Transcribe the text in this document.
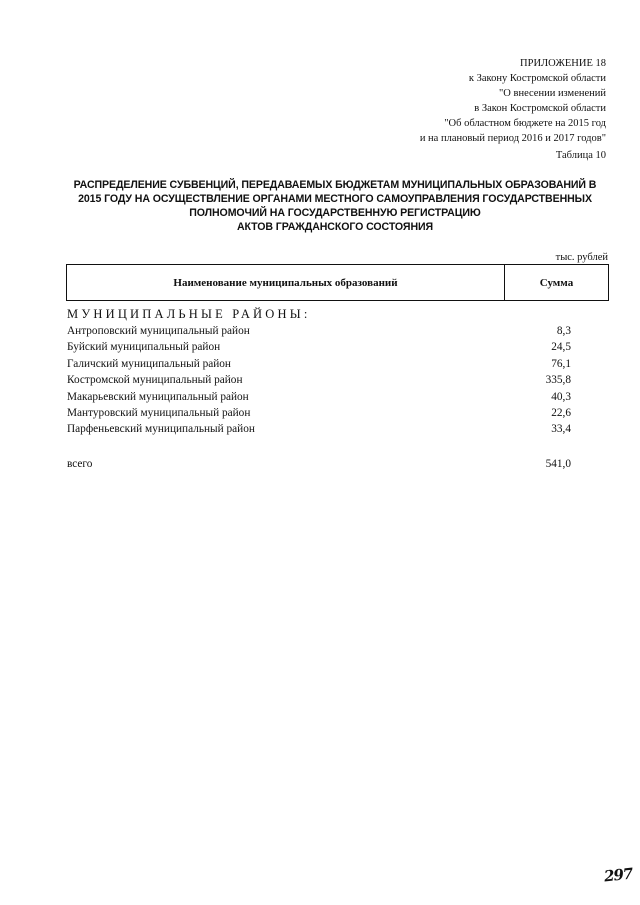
ПРИЛОЖЕНИЕ 18
к Закону Костромской области
"О внесении изменений
в Закон Костромской области
"Об областном бюджете на 2015 год
и на плановый период 2016 и 2017 годов"
Таблица 10
РАСПРЕДЕЛЕНИЕ СУБВЕНЦИЙ, ПЕРЕДАВАЕМЫХ БЮДЖЕТАМ МУНИЦИПАЛЬНЫХ ОБРАЗОВАНИЙ В
2015 ГОДУ НА ОСУЩЕСТВЛЕНИЕ ОРГАНАМИ МЕСТНОГО САМОУПРАВЛЕНИЯ ГОСУДАРСТВЕННЫХ
ПОЛНОМОЧИЙ НА ГОСУДАРСТВЕННУЮ РЕГИСТРАЦИЮ
АКТОВ ГРАЖДАНСКОГО СОСТОЯНИЯ
тыс. рублей
Наименование муниципальных образований	Сумма
МУНИЦИПАЛЬНЫЕ РАЙОНЫ:
Антроповский муниципальный район	8,3
Буйский муниципальный район	24,5
Галичский муниципальный район	76,1
Костромской муниципальный район	335,8
Макарьевский муниципальный район	40,3
Мантуровский муниципальный район	22,6
Парфеньевский муниципальный район	33,4
всего	541,0
297
